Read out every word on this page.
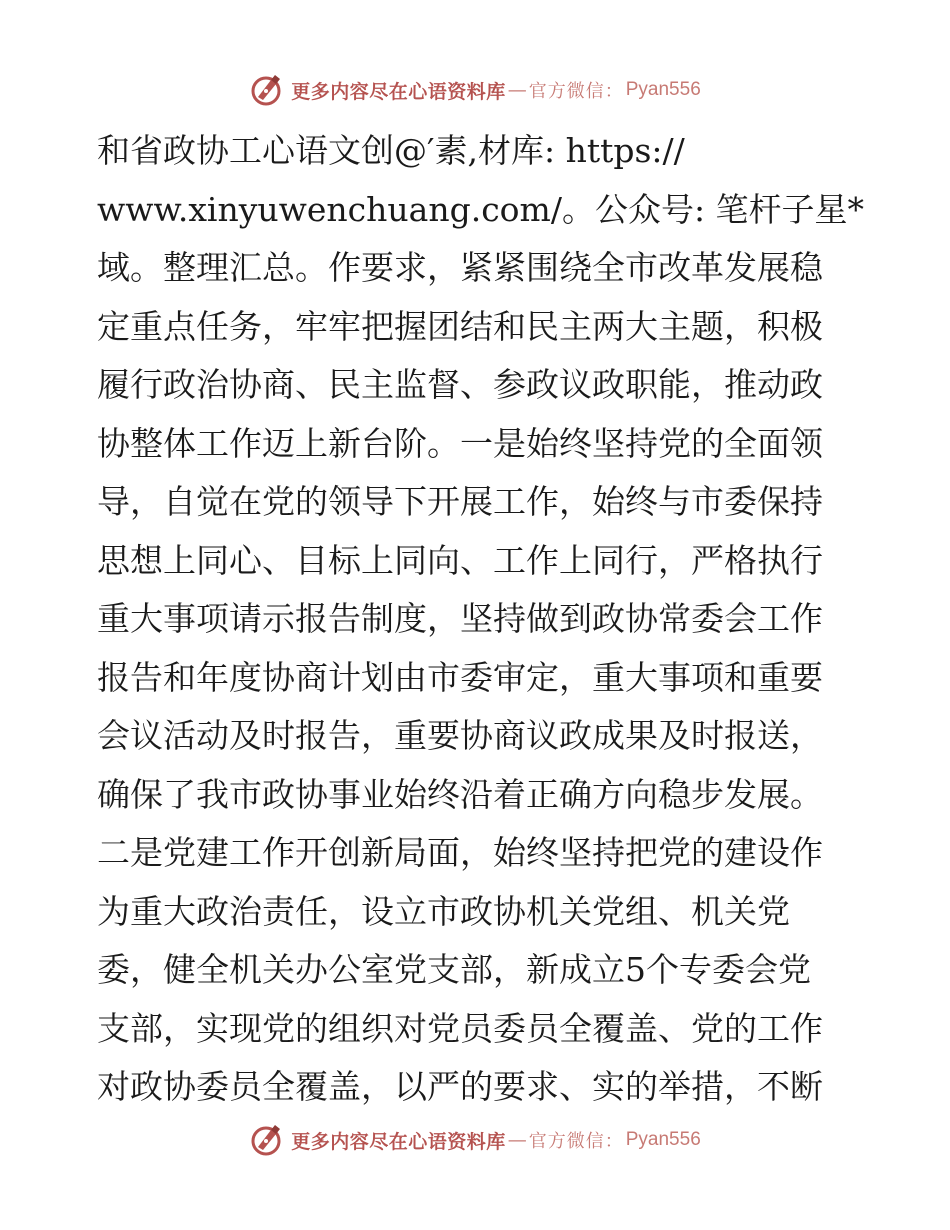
更多内容尽在心语资料库 — 官方微信： Pyan556
和省政协工心语文创@′素,材库: https://
www.xinyuwenchuang.com/。公众号: 笔杆子星*
域。整理汇总。作要求，紧紧围绕全市改革发展稳
定重点任务，牢牢把握团结和民主两大主题，积极
履行政治协商、民主监督、参政议政职能，推动政
协整体工作迈上新台阶。一是始终坚持党的全面领
导，自觉在党的领导下开展工作，始终与市委保持
思想上同心、目标上同向、工作上同行，严格执行
重大事项请示报告制度，坚持做到政协常委会工作
报告和年度协商计划由市委审定，重大事项和重要
会议活动及时报告，重要协商议政成果及时报送，
确保了我市政协事业始终沿着正确方向稳步发展。
二是党建工作开创新局面，始终坚持把党的建设作
为重大政治责任，设立市政协机关党组、机关党
委，健全机关办公室党支部，新成立5个专委会党
支部，实现党的组织对党员委员全覆盖、党的工作
对政协委员全覆盖，以严的要求、实的举措，不断
更多内容尽在心语资料库 — 官方微信： Pyan556
